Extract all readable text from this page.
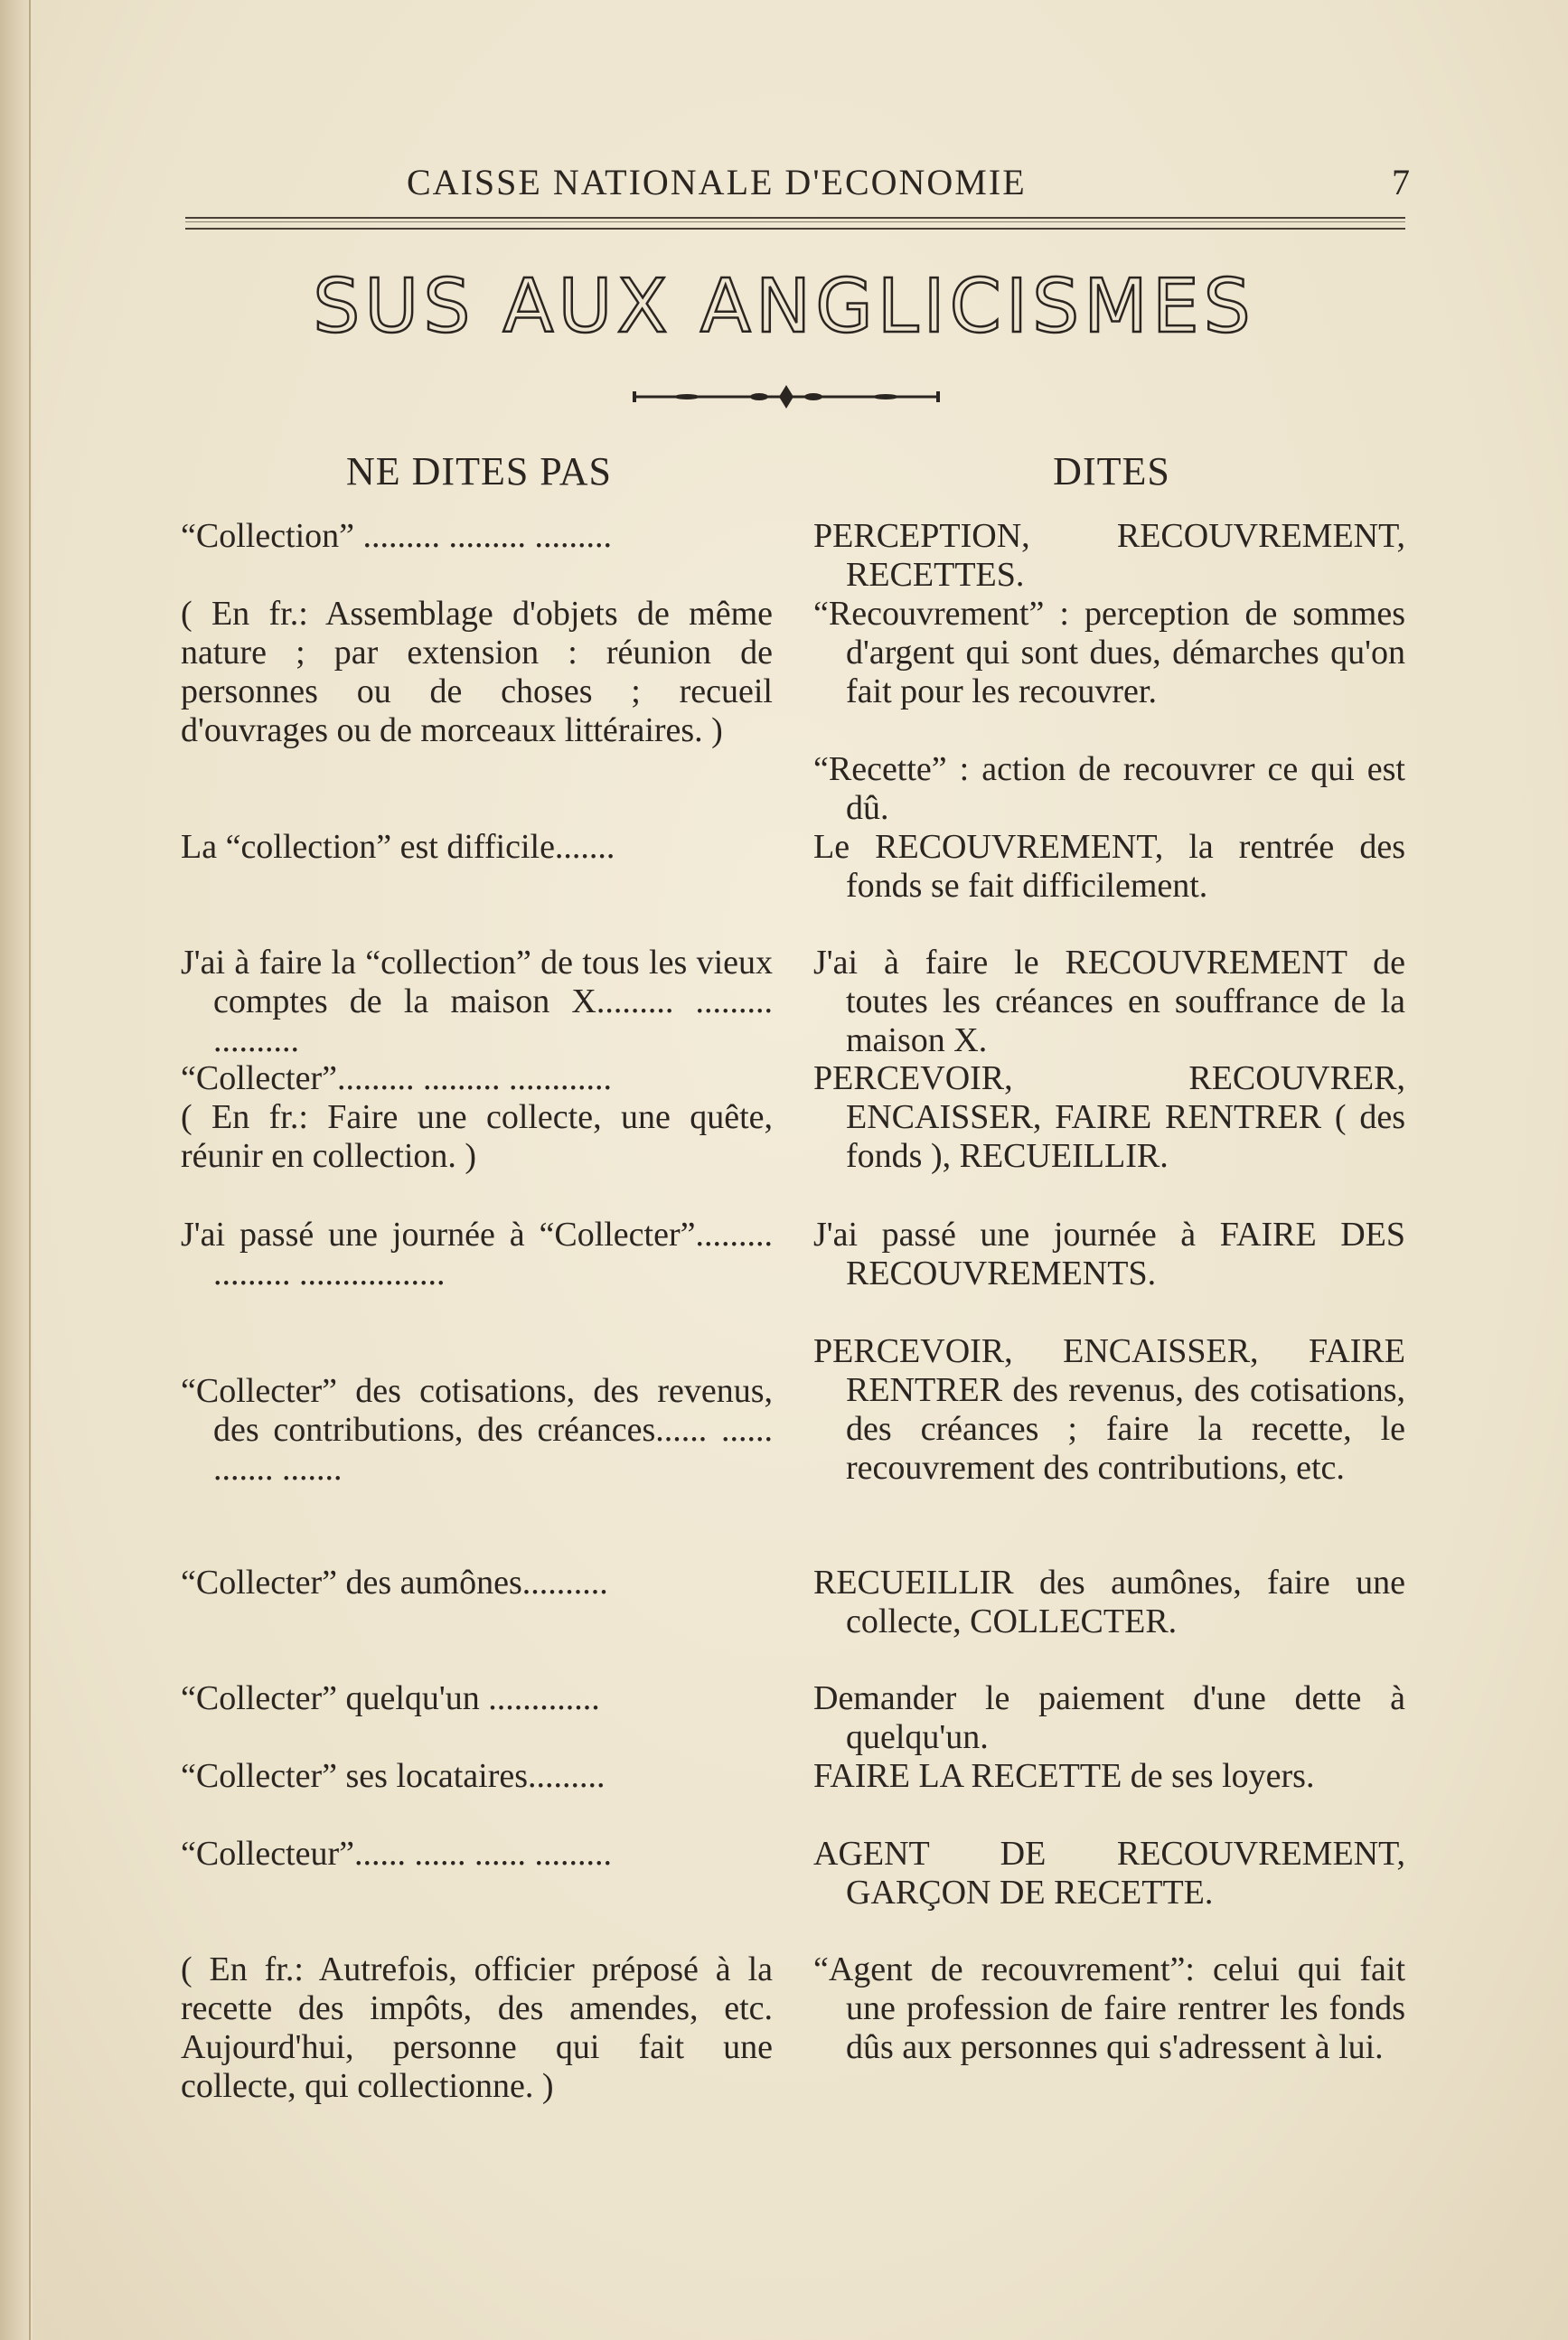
CAISSE NATIONALE D'ECONOMIE	7
SUS AUX ANGLICISMES
NE DITES PAS	DITES
“Collection” ......... ......... .........
( En fr.: Assemblage d'objets de même nature ; par extension : réunion de personnes ou de choses ; recueil d'ouvrages ou de morceaux littéraires. )
La “collection” est difficile.......
J'ai à faire la “collection” de tous les vieux comptes de la maison X......... ......... ..........
“Collecter”......... ......... ............
( En fr.: Faire une collecte, une quête, réunir en collection. )
J'ai passé une journée à “Collecter”......... ......... .................
“Collecter” des cotisations, des revenus, des contributions, des créances...... ...... ....... .......
“Collecter” des aumônes..........
“Collecter” quelqu'un .............
“Collecter” ses locataires.........
“Collecteur”...... ...... ...... .........
( En fr.: Autrefois, officier préposé à la recette des impôts, des amendes, etc. Aujourd'hui, personne qui fait une collecte, qui collectionne. )
PERCEPTION, RECOUVREMENT, RECETTES.
“Recouvrement” : perception de sommes d'argent qui sont dues, démarches qu'on fait pour les recouvrer.
“Recette” : action de recouvrer ce qui est dû.
Le RECOUVREMENT, la rentrée des fonds se fait difficilement.
J'ai à faire le RECOUVREMENT de toutes les créances en souffrance de la maison X.
PERCEVOIR, RECOUVRER, ENCAISSER, FAIRE RENTRER ( des fonds ), RECUEILLIR.
J'ai passé une journée à FAIRE DES RECOUVREMENTS.
PERCEVOIR, ENCAISSER, FAIRE RENTRER des revenus, des cotisations, des créances ; faire la recette, le recouvrement des contributions, etc.
RECUEILLIR des aumônes, faire une collecte, COLLECTER.
Demander le paiement d'une dette à quelqu'un.
FAIRE LA RECETTE de ses loyers.
AGENT DE RECOUVREMENT, GARÇON DE RECETTE.
“Agent de recouvrement”: celui qui fait une profession de faire rentrer les fonds dûs aux personnes qui s'adressent à lui.
